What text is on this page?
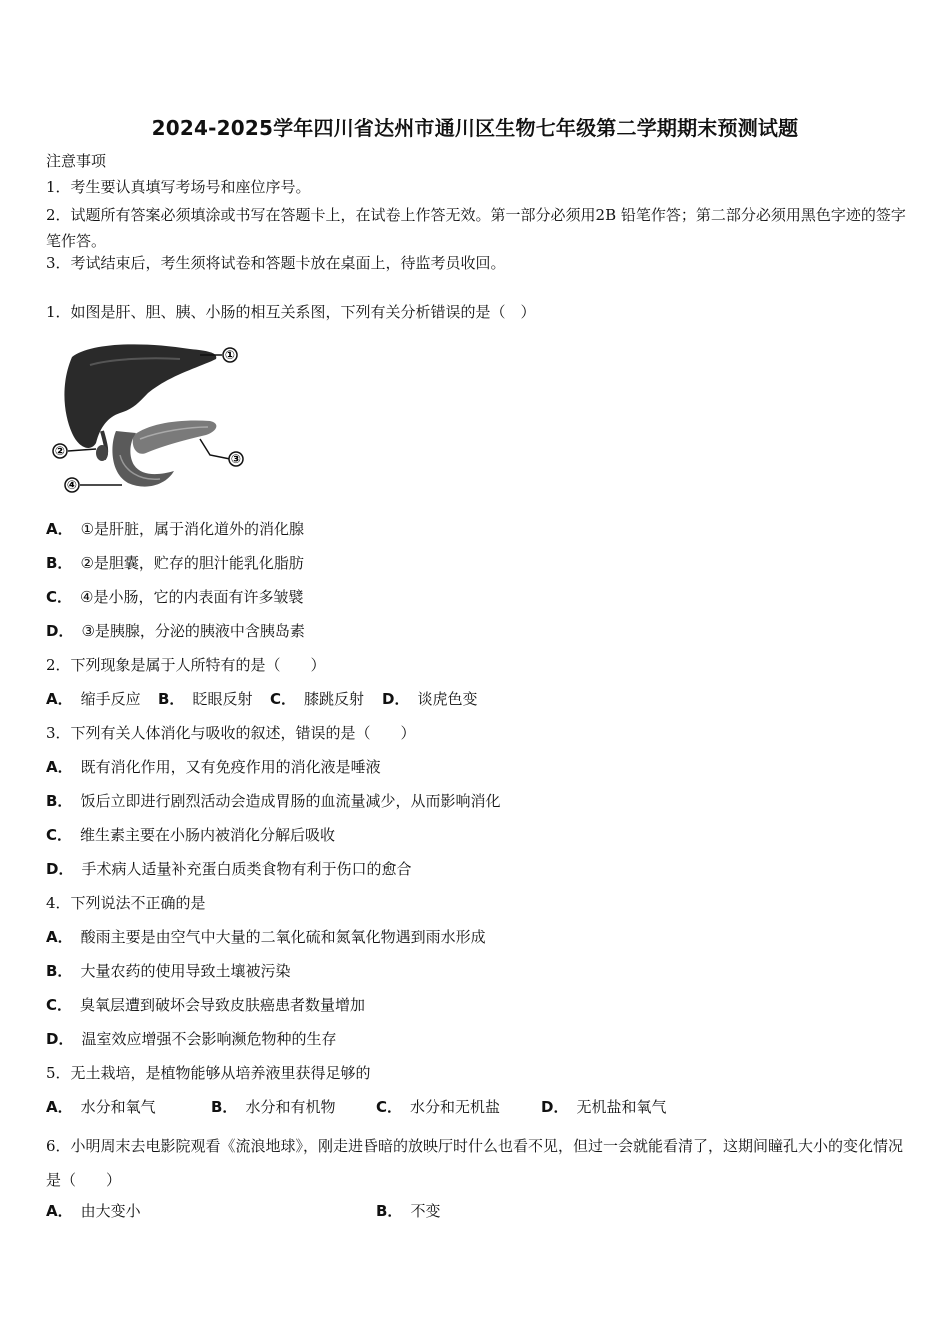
2024-2025学年四川省达州市通川区生物七年级第二学期期末预测试题
注意事项
1．考生要认真填写考场号和座位序号。
2．试题所有答案必须填涂或书写在答题卡上，在试卷上作答无效。第一部分必须用2B 铅笔作答；第二部分必须用黑色字迹的签字笔作答。
3．考试结束后，考生须将试卷和答题卡放在桌面上，待监考员收回。
1．如图是肝、胆、胰、小肠的相互关系图，下列有关分析错误的是（　）
①
②
③
④
A． ①是肝脏，属于消化道外的消化腺
B． ②是胆囊，贮存的胆汁能乳化脂肪
C． ④是小肠，它的内表面有许多皱襞
D． ③是胰腺，分泌的胰液中含胰岛素
2．下列现象是属于人所特有的是（　　）
A． 缩手反应 B． 眨眼反射 C． 膝跳反射 D． 谈虎色变
3．下列有关人体消化与吸收的叙述，错误的是（　　）
A． 既有消化作用，又有免疫作用的消化液是唾液
B． 饭后立即进行剧烈活动会造成胃肠的血流量减少，从而影响消化
C． 维生素主要在小肠内被消化分解后吸收
D． 手术病人适量补充蛋白质类食物有利于伤口的愈合
4．下列说法不正确的是
A． 酸雨主要是由空气中大量的二氧化硫和氮氧化物遇到雨水形成
B． 大量农药的使用导致土壤被污染
C． 臭氧层遭到破坏会导致皮肤癌患者数量增加
D． 温室效应增强不会影响濒危物种的生存
5．无土栽培，是植物能够从培养液里获得足够的
A． 水分和氧气	B． 水分和有机物	C． 水分和无机盐	D． 无机盐和氧气
6．小明周末去电影院观看《流浪地球》，刚走进昏暗的放映厅时什么也看不见，但过一会就能看清了，这期间瞳孔大小的变化情况是（　　）
A． 由大变小	B． 不变
